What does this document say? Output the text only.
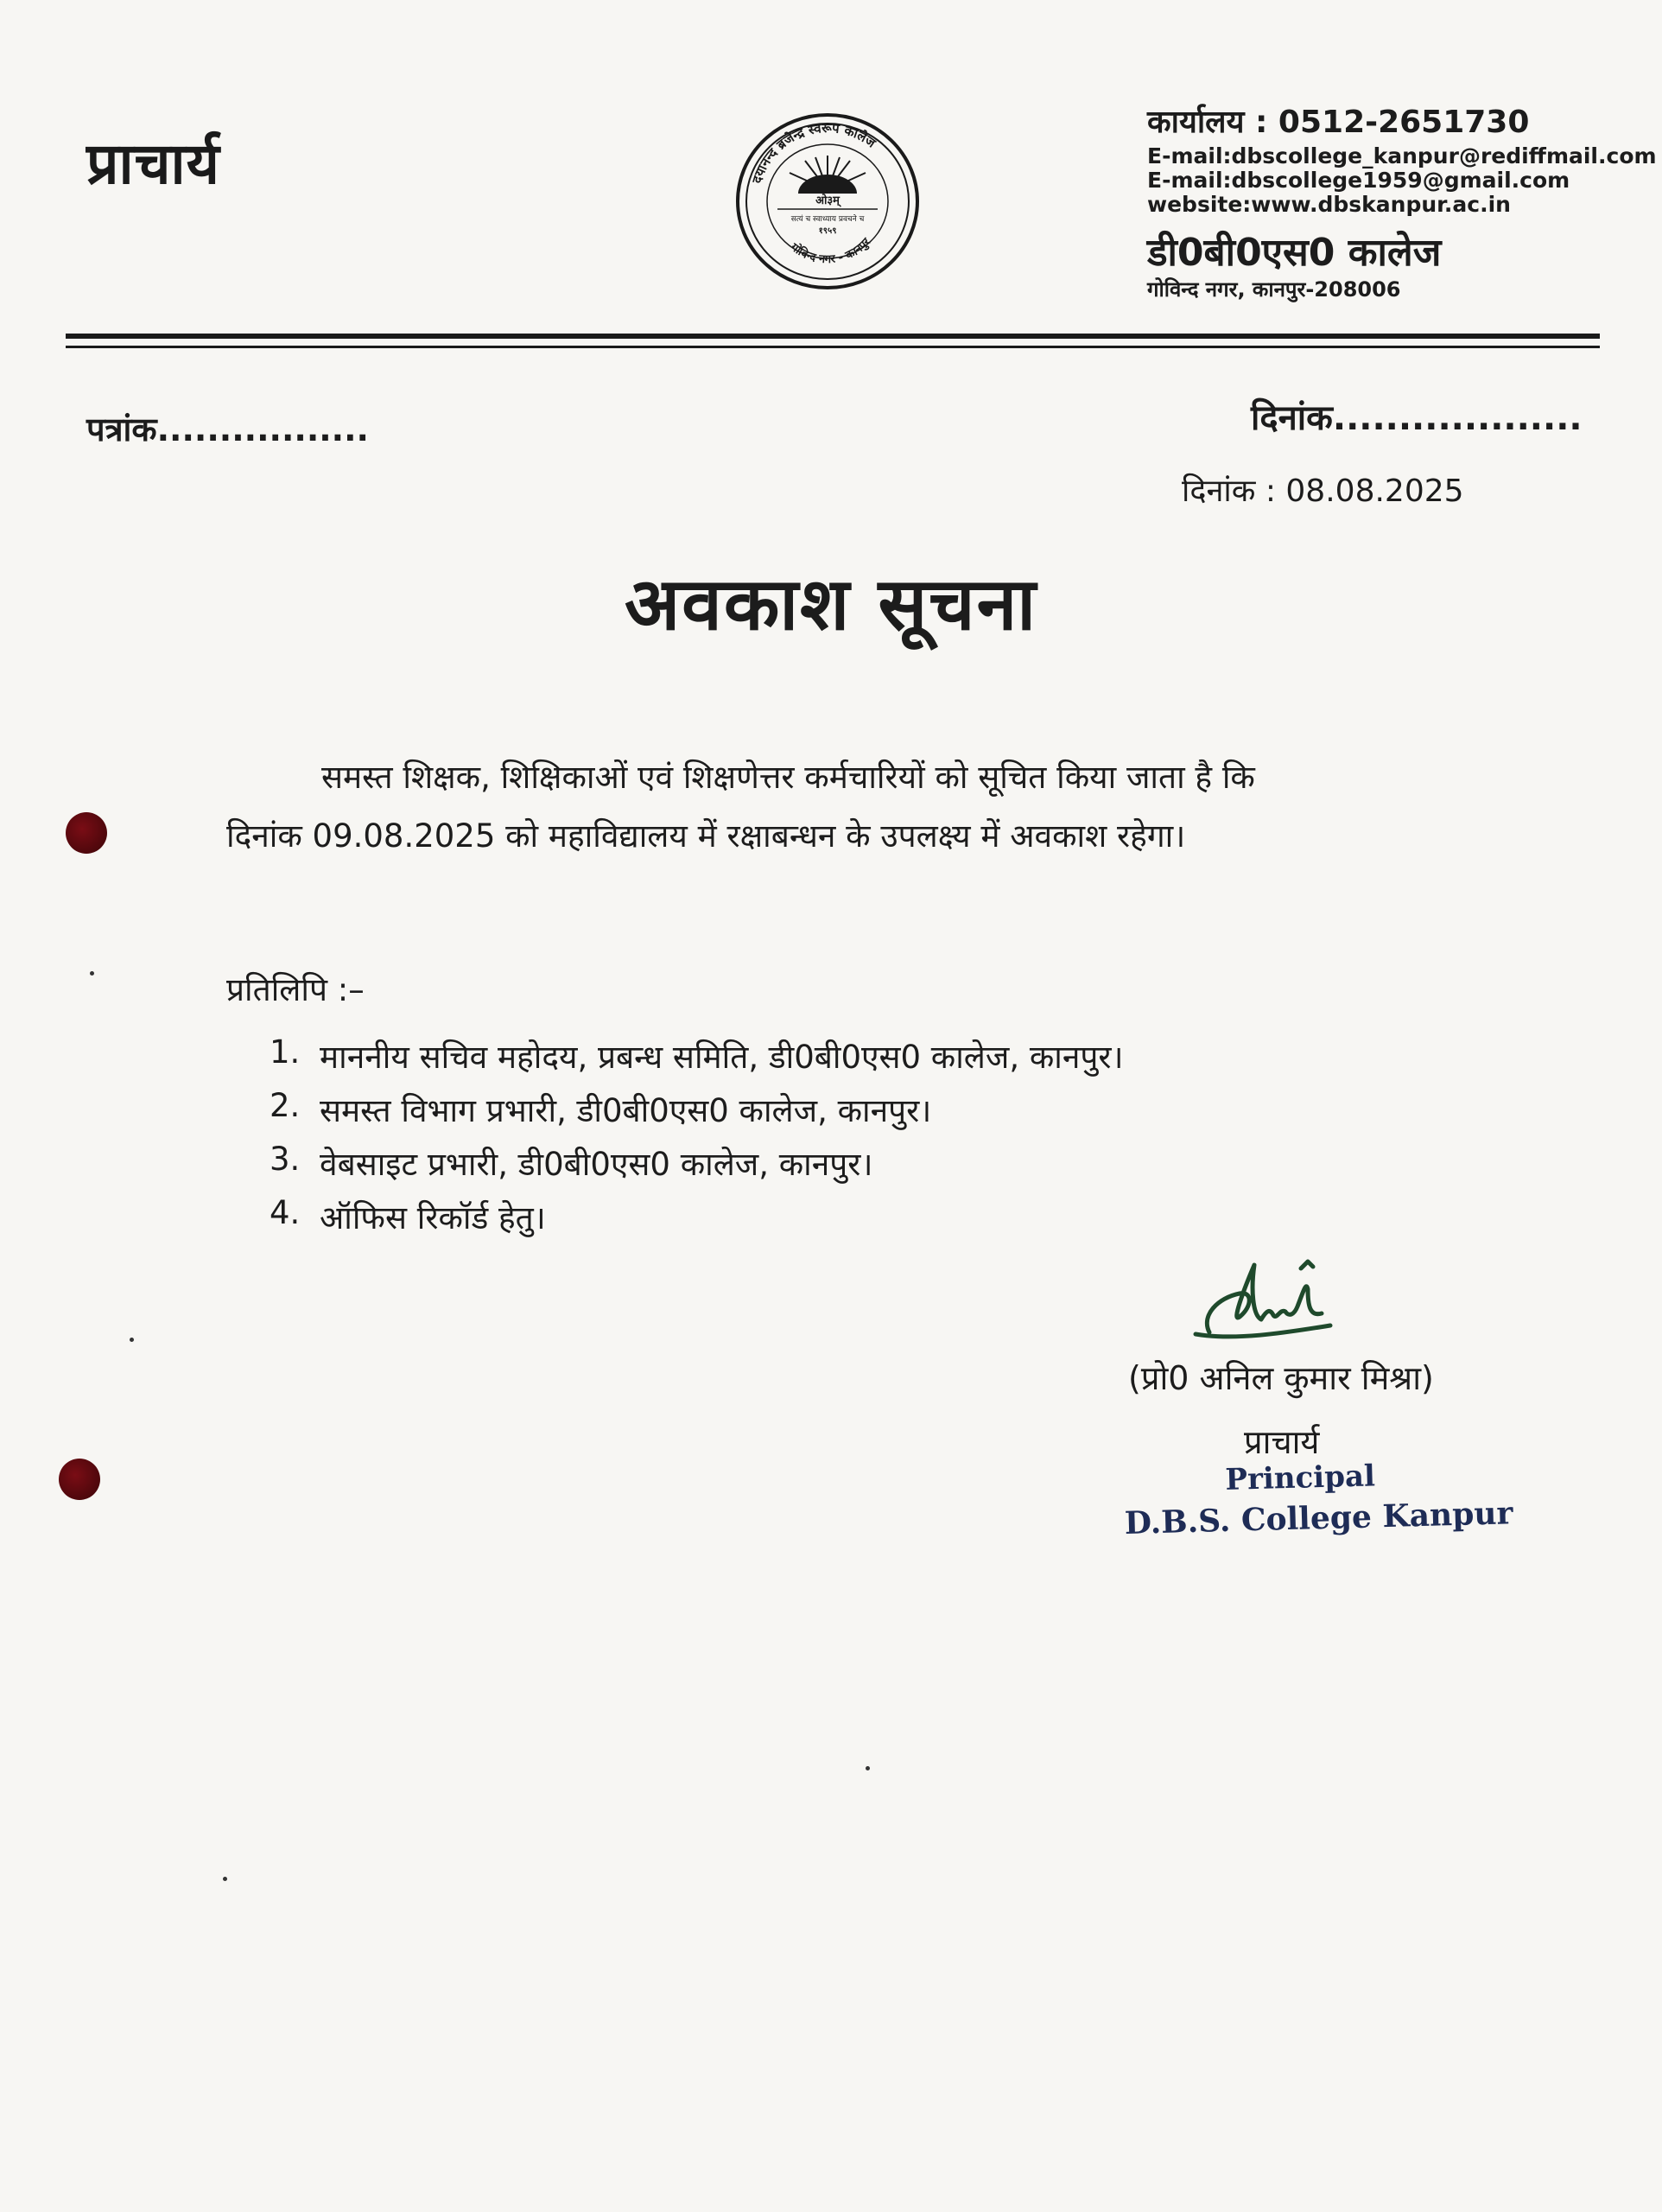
प्राचार्य	दयानन्द ब्रजेन्द्र स्वरूप कालेज
गोविन्द नगर - कानपुर
ओ३म्
सत्यं च स्वाध्याय प्रवचने च
१९५९
कार्यालय : 0512-2651730
E-mail:dbscollege_kanpur@rediffmail.com
E-mail:dbscollege1959@gmail.com
website:www.dbskanpur.ac.in
डी0बी0एस0 कालेज
गोविन्द नगर, कानपुर-208006
पत्रांक.................	दिनांक...................
दिनांक : 08.08.2025
अवकाश सूचना

समस्त शिक्षक, शिक्षिकाओं एवं शिक्षणेत्तर कर्मचारियों को सूचित किया जाता है कि

दिनांक 09.08.2025 को महाविद्यालय में रक्षाबन्धन के उपलक्ष्य में अवकाश रहेगा।

प्रतिलिपि :–
1. माननीय सचिव महोदय, प्रबन्ध समिति, डी0बी0एस0 कालेज, कानपुर।
2. समस्त विभाग प्रभारी, डी0बी0एस0 कालेज, कानपुर।
3. वेबसाइट प्रभारी, डी0बी0एस0 कालेज, कानपुर।
4. ऑफिस रिकॉर्ड हेतु।
(प्रो0 अनिल कुमार मिश्रा)
प्राचार्य
Principal
D.B.S. College Kanpur
